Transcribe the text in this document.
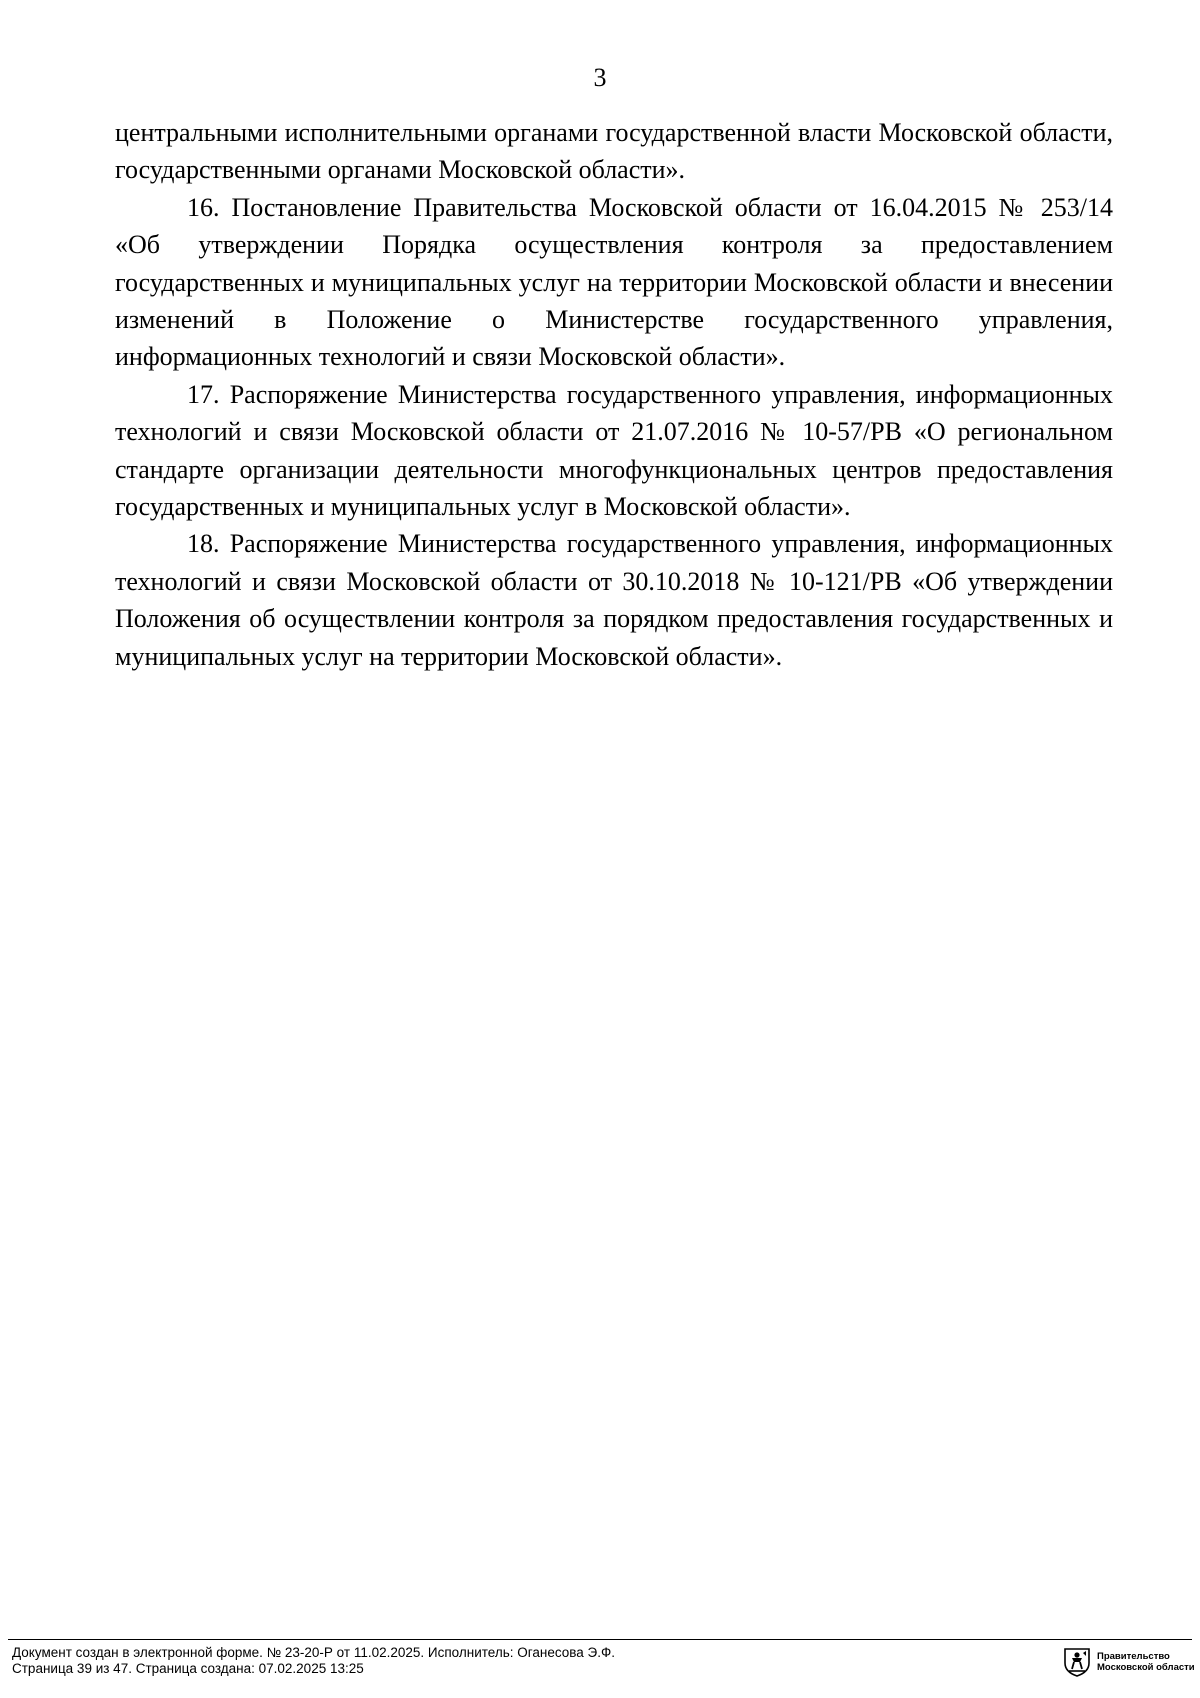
3

центральными исполнительными органами государственной власти Московской области, государственными органами Московской области».

16. Постановление Правительства Московской области от 16.04.2015 № 253/14 «Об утверждении Порядка осуществления контроля за предоставлением государственных и муниципальных услуг на территории Московской области и внесении изменений в Положение о Министерстве государственного управления, информационных технологий и связи Московской области».

17. Распоряжение Министерства государственного управления, информационных технологий и связи Московской области от 21.07.2016 № 10-57/РВ «О региональном стандарте организации деятельности многофункциональных центров предоставления государственных и муниципальных услуг в Московской области».

18. Распоряжение Министерства государственного управления, информационных технологий и связи Московской области от 30.10.2018 № 10-121/РВ «Об утверждении Положения об осуществлении контроля за порядком предоставления государственных и муниципальных услуг на территории Московской области».

Документ создан в электронной форме. № 23-20-Р от 11.02.2025. Исполнитель: Оганесова Э.Ф.
Страница 39 из 47. Страница создана: 07.02.2025 13:25
Правительство
Московской области
